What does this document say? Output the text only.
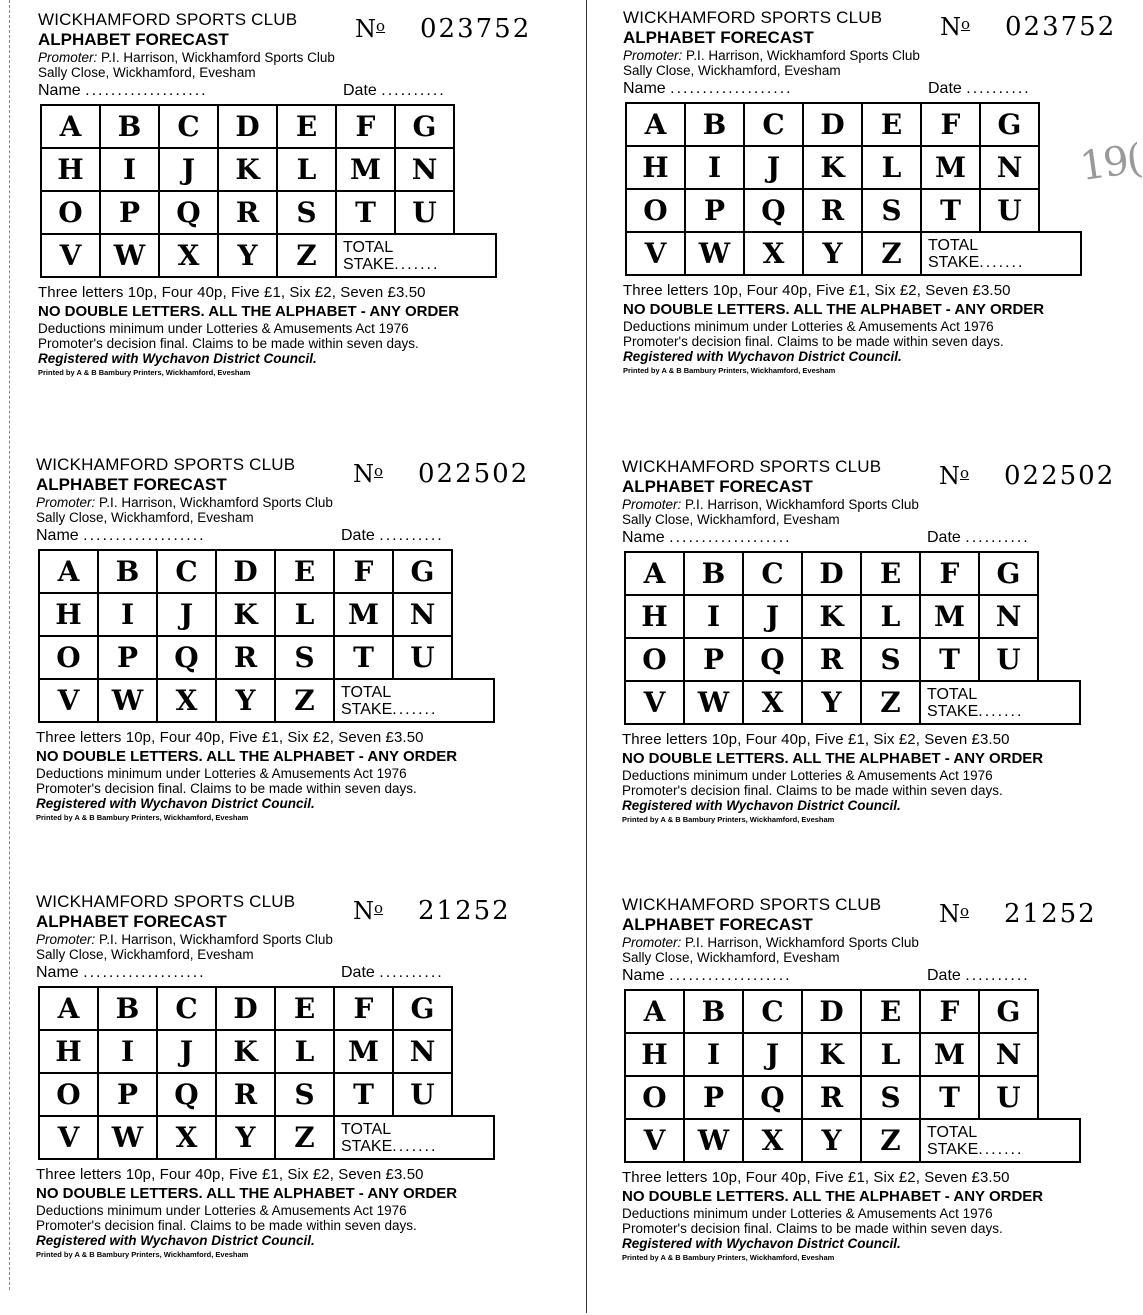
WICKHAMFORD SPORTS CLUB
ALPHABET FORECAST	$N^o$ 023752
Promoter: P.I. Harrison, Wickhamford Sports Club
Sally Close, Wickhamford, Evesham
Name ...................	Date ..........
A	B	C	D	E	F	G
H	I	J	K	L	M	N
O	P	Q	R	S	T	U
V	W	X	Y	Z	TOTAL
STAKE.......
Three letters 10p, Four 40p, Five £1, Six £2, Seven £3.50
NO DOUBLE LETTERS. ALL THE ALPHABET - ANY ORDER
Deductions minimum under Lotteries & Amusements Act 1976
Promoter's decision final. Claims to be made within seven days.
Registered with Wychavon District Council.
Printed by A & B Bambury Printers, Wickhamford, Evesham
WICKHAMFORD SPORTS CLUB
ALPHABET FORECAST	$N^o$ 023752
Promoter: P.I. Harrison, Wickhamford Sports Club
Sally Close, Wickhamford, Evesham
Name ...................	Date ..........
A	B	C	D	E	F	G
H	I	J	K	L	M	N
O	P	Q	R	S	T	U
V	W	X	Y	Z	TOTAL
STAKE.......
Three letters 10p, Four 40p, Five £1, Six £2, Seven £3.50
NO DOUBLE LETTERS. ALL THE ALPHABET - ANY ORDER
Deductions minimum under Lotteries & Amusements Act 1976
Promoter's decision final. Claims to be made within seven days.
Registered with Wychavon District Council.
Printed by A & B Bambury Printers, Wickhamford, Evesham
WICKHAMFORD SPORTS CLUB
ALPHABET FORECAST	$N^o$ 022502
Promoter: P.I. Harrison, Wickhamford Sports Club
Sally Close, Wickhamford, Evesham
Name ...................	Date ..........
A	B	C	D	E	F	G
H	I	J	K	L	M	N
O	P	Q	R	S	T	U
V	W	X	Y	Z	TOTAL
STAKE.......
Three letters 10p, Four 40p, Five £1, Six £2, Seven £3.50
NO DOUBLE LETTERS. ALL THE ALPHABET - ANY ORDER
Deductions minimum under Lotteries & Amusements Act 1976
Promoter's decision final. Claims to be made within seven days.
Registered with Wychavon District Council.
Printed by A & B Bambury Printers, Wickhamford, Evesham
WICKHAMFORD SPORTS CLUB
ALPHABET FORECAST	$N^o$ 022502
Promoter: P.I. Harrison, Wickhamford Sports Club
Sally Close, Wickhamford, Evesham
Name ...................	Date ..........
A	B	C	D	E	F	G
H	I	J	K	L	M	N
O	P	Q	R	S	T	U
V	W	X	Y	Z	TOTAL
STAKE.......
Three letters 10p, Four 40p, Five £1, Six £2, Seven £3.50
NO DOUBLE LETTERS. ALL THE ALPHABET - ANY ORDER
Deductions minimum under Lotteries & Amusements Act 1976
Promoter's decision final. Claims to be made within seven days.
Registered with Wychavon District Council.
Printed by A & B Bambury Printers, Wickhamford, Evesham
WICKHAMFORD SPORTS CLUB
ALPHABET FORECAST	$N^o$ 21252
Promoter: P.I. Harrison, Wickhamford Sports Club
Sally Close, Wickhamford, Evesham
Name ...................	Date ..........
A	B	C	D	E	F	G
H	I	J	K	L	M	N
O	P	Q	R	S	T	U
V	W	X	Y	Z	TOTAL
STAKE.......
Three letters 10p, Four 40p, Five £1, Six £2, Seven £3.50
NO DOUBLE LETTERS. ALL THE ALPHABET - ANY ORDER
Deductions minimum under Lotteries & Amusements Act 1976
Promoter's decision final. Claims to be made within seven days.
Registered with Wychavon District Council.
Printed by A & B Bambury Printers, Wickhamford, Evesham
WICKHAMFORD SPORTS CLUB
ALPHABET FORECAST	$N^o$ 21252
Promoter: P.I. Harrison, Wickhamford Sports Club
Sally Close, Wickhamford, Evesham
Name ...................	Date ..........
A	B	C	D	E	F	G
H	I	J	K	L	M	N
O	P	Q	R	S	T	U
V	W	X	Y	Z	TOTAL
STAKE.......
Three letters 10p, Four 40p, Five £1, Six £2, Seven £3.50
NO DOUBLE LETTERS. ALL THE ALPHABET - ANY ORDER
Deductions minimum under Lotteries & Amusements Act 1976
Promoter's decision final. Claims to be made within seven days.
Registered with Wychavon District Council.
Printed by A & B Bambury Printers, Wickhamford, Evesham
19(
